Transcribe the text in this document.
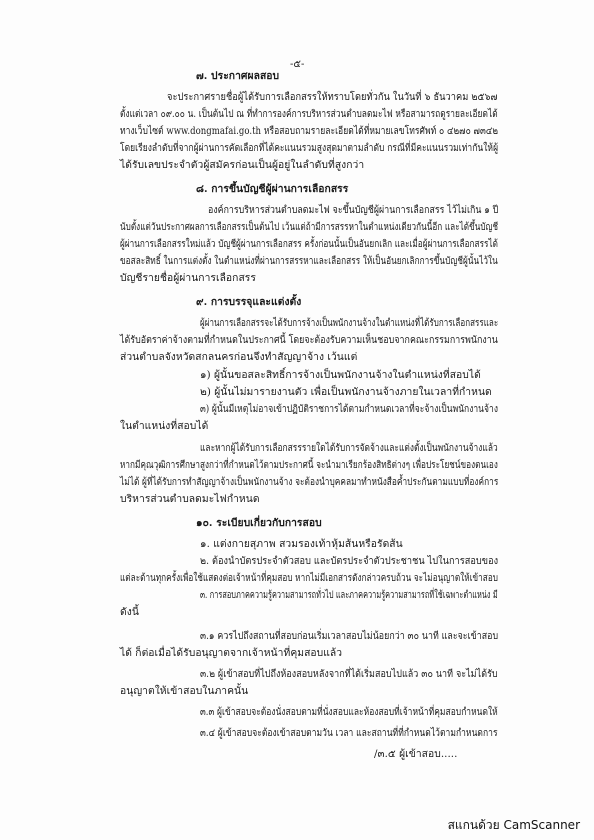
-๕-
๗. ประกาศผลสอบ
จะประกาศรายชื่อผู้ได้รับการเลือกสรรให้ทราบโดยทั่วกัน ในวันที่ ๖ ธันวาคม ๒๕๖๗
ตั้งแต่เวลา ๐๙.๐๐ น. เป็นต้นไป ณ ที่ทำการองค์การบริหารส่วนตำบลดมะไฟ หรือสามารถดูรายละเอียดได้
ทางเว็บไซต์ www.dongmafai.go.th หรือสอบถามรายละเอียดได้ที่หมายเลขโทรศัพท์ ๐ ๔๒๗๐ ๗๓๔๒
โดยเรียงลำดับที่จากผู้ผ่านการคัดเลือกที่ได้คะแนนรวมสูงสุดมาตามลำดับ กรณีที่มีคะแนนรวมเท่ากันให้ผู้
ได้รับเลขประจำตัวผู้สมัครก่อนเป็นผู้อยู่ในลำดับที่สูงกว่า
๘. การขึ้นบัญชีผู้ผ่านการเลือกสรร
องค์การบริหารส่วนตำบลดมะไฟ จะขึ้นบัญชีผู้ผ่านการเลือกสรร ไว้ไม่เกิน ๑ ปี
นับตั้งแต่วันประกาศผลการเลือกสรรเป็นต้นไป เว้นแต่ถ้ามีการสรรหาในตำแหน่งเดียวกันนี้อีก และได้ขึ้นบัญชี
ผู้ผ่านการเลือกสรรใหม่แล้ว บัญชีผู้ผ่านการเลือกสรร ครั้งก่อนนั้นเป็นอันยกเลิก และเมื่อผู้ผ่านการเลือกสรรได้
ขอสละสิทธิ์ ในการแต่งตั้ง ในตำแหน่งที่ผ่านการสรรหาและเลือกสรร ให้เป็นอันยกเลิกการขึ้นบัญชีผู้นั้นไว้ใน
บัญชีรายชื่อผู้ผ่านการเลือกสรร
๙. การบรรจุและแต่งตั้ง
ผู้ผ่านการเลือกสรรจะได้รับการจ้างเป็นพนักงานจ้างในตำแหน่งที่ได้รับการเลือกสรรและ
ได้รับอัตราค่าจ้างตามที่กำหนดในประกาศนี้ โดยจะต้องรับความเห็นชอบจากคณะกรรมการพนักงาน
ส่วนตำบลจังหวัดสกลนครก่อนจึงทำสัญญาจ้าง เว้นแต่
๑) ผู้นั้นขอสละสิทธิ์การจ้างเป็นพนักงานจ้างในตำแหน่งที่สอบได้
๒) ผู้นั้นไม่มารายงานตัว เพื่อเป็นพนักงานจ้างภายในเวลาที่กำหนด
๓) ผู้นั้นมีเหตุไม่อาจเข้าปฏิบัติราชการได้ตามกำหนดเวลาที่จะจ้างเป็นพนักงานจ้าง
ในตำแหน่งที่สอบได้
และหากผู้ได้รับการเลือกสรรรายใดได้รับการจัดจ้างและแต่งตั้งเป็นพนักงานจ้างแล้ว
หากมีคุณวุฒิการศึกษาสูงกว่าที่กำหนดไว้ตามประกาศนี้ จะนำมาเรียกร้องสิทธิต่างๆ เพื่อประโยชน์ของตนเอง
ไม่ได้ ผู้ที่ได้รับการทำสัญญาจ้างเป็นพนักงานจ้าง จะต้องนำบุคคลมาทำหนังสือค้ำประกันตามแบบที่องค์การ
บริหารส่วนตำบลดมะไฟกำหนด
๑๐. ระเบียบเกี่ยวกับการสอบ
๑. แต่งกายสุภาพ สวมรองเท้าหุ้มส้นหรือรัดส้น
๒. ต้องนำบัตรประจำตัวสอบ และบัตรประจำตัวประชาชน ไปในการสอบของ
แต่ละด้านทุกครั้งเพื่อใช้แสดงต่อเจ้าหน้าที่คุมสอบ หากไม่มีเอกสารดังกล่าวครบถ้วน จะไม่อนุญาตให้เข้าสอบ
๓. การสอบภาคความรู้ความสามารถทั่วไป และภาคความรู้ความสามารถที่ใช้เฉพาะตำแหน่ง มี
ดังนี้
๓.๑ ควรไปถึงสถานที่สอบก่อนเริ่มเวลาสอบไม่น้อยกว่า ๓๐ นาที และจะเข้าสอบ
ได้ ก็ต่อเมื่อได้รับอนุญาตจากเจ้าหน้าที่คุมสอบแล้ว
๓.๒ ผู้เข้าสอบที่ไปถึงห้องสอบหลังจากที่ได้เริ่มสอบไปแล้ว ๓๐ นาที จะไม่ได้รับ
อนุญาตให้เข้าสอบในภาคนั้น
๓.๓ ผู้เข้าสอบจะต้องนั่งสอบตามที่นั่งสอบและห้องสอบที่เจ้าหน้าที่คุมสอบกำหนดให้
๓.๔ ผู้เข้าสอบจะต้องเข้าสอบตามวัน เวลา และสถานที่ที่กำหนดไว้ตามกำหนดการ
/๓.๕ ผู้เข้าสอบ.....
สแกนด้วย CamScanner
